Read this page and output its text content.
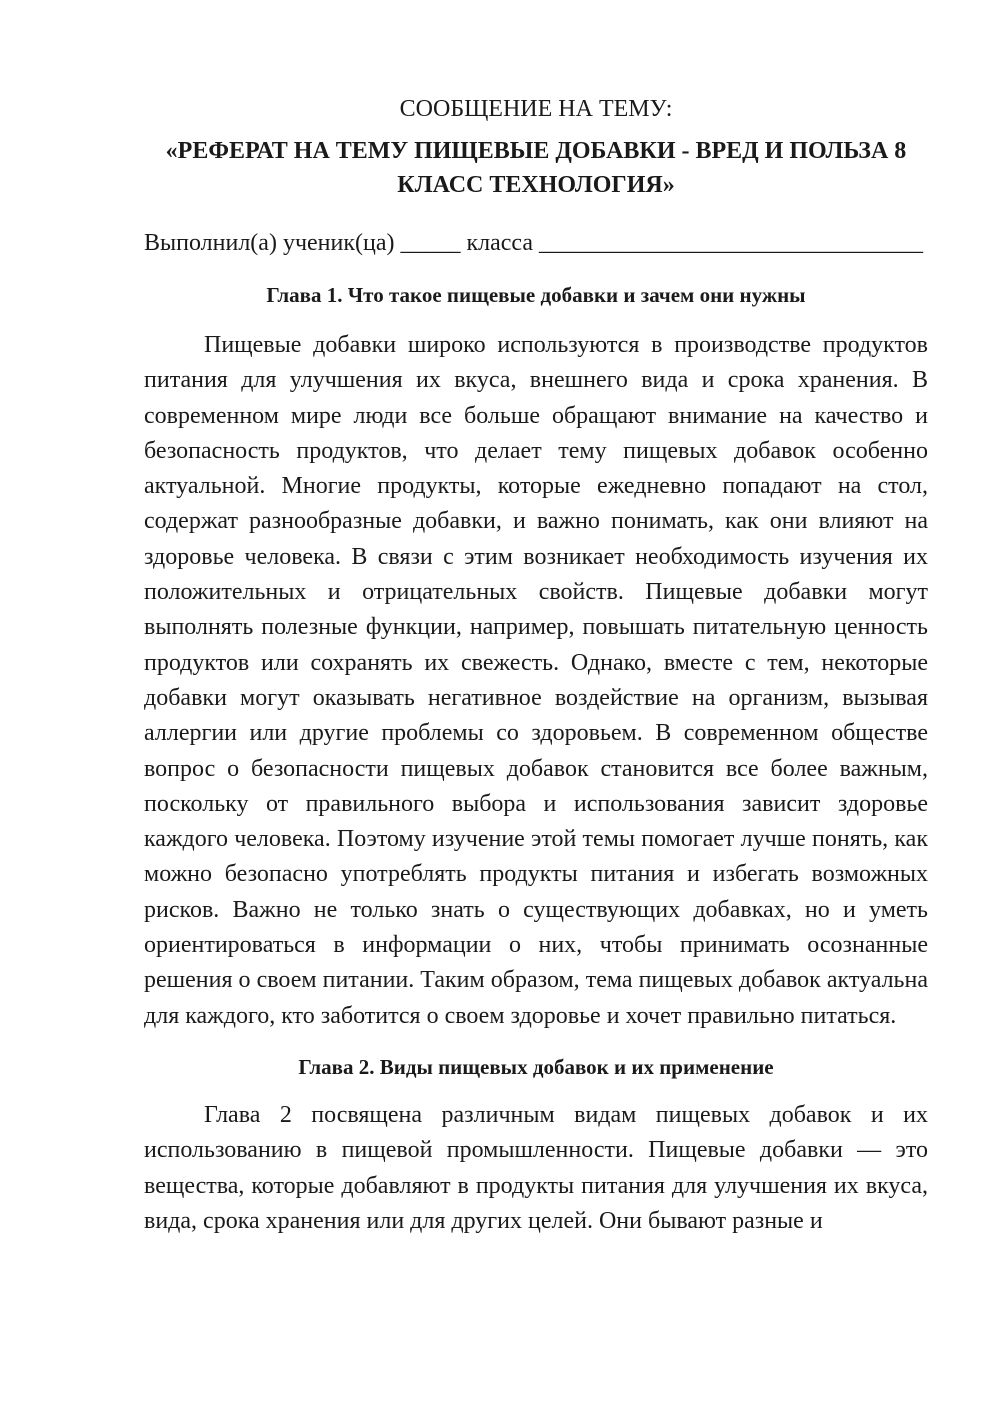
СООБЩЕНИЕ НА ТЕМУ:
«РЕФЕРАТ НА ТЕМУ ПИЩЕВЫЕ ДОБАВКИ - ВРЕД И ПОЛЬЗА 8
КЛАСС ТЕХНОЛОГИЯ»
Выполнил(а) ученик(ца) _____ класса ________________________________
Глава 1. Что такое пищевые добавки и зачем они нужны

Пищевые добавки широко используются в производстве продуктов питания для улучшения их вкуса, внешнего вида и срока хранения. В современном мире люди все больше обращают внимание на качество и безопасность продуктов, что делает тему пищевых добавок особенно актуальной. Многие продукты, которые ежедневно попадают на стол, содержат разнообразные добавки, и важно понимать, как они влияют на здоровье человека. В связи с этим возникает необходимость изучения их положительных и отрицательных свойств. Пищевые добавки могут выполнять полезные функции, например, повышать питательную ценность продуктов или сохранять их свежесть. Однако, вместе с тем, некоторые добавки могут оказывать негативное воздействие на организм, вызывая аллергии или другие проблемы со здоровьем. В современном обществе вопрос о безопасности пищевых добавок становится все более важным, поскольку от правильного выбора и использования зависит здоровье каждого человека. Поэтому изучение этой темы помогает лучше понять, как можно безопасно употреблять продукты питания и избегать возможных рисков. Важно не только знать о существующих добавках, но и уметь ориентироваться в информации о них, чтобы принимать осознанные решения о своем питании. Таким образом, тема пищевых добавок актуальна для каждого, кто заботится о своем здоровье и хочет правильно питаться.

Глава 2. Виды пищевых добавок и их применение

Глава 2 посвящена различным видам пищевых добавок и их использованию в пищевой промышленности. Пищевые добавки — это вещества, которые добавляют в продукты питания для улучшения их вкуса, вида, срока хранения или для других целей. Они бывают разные и
